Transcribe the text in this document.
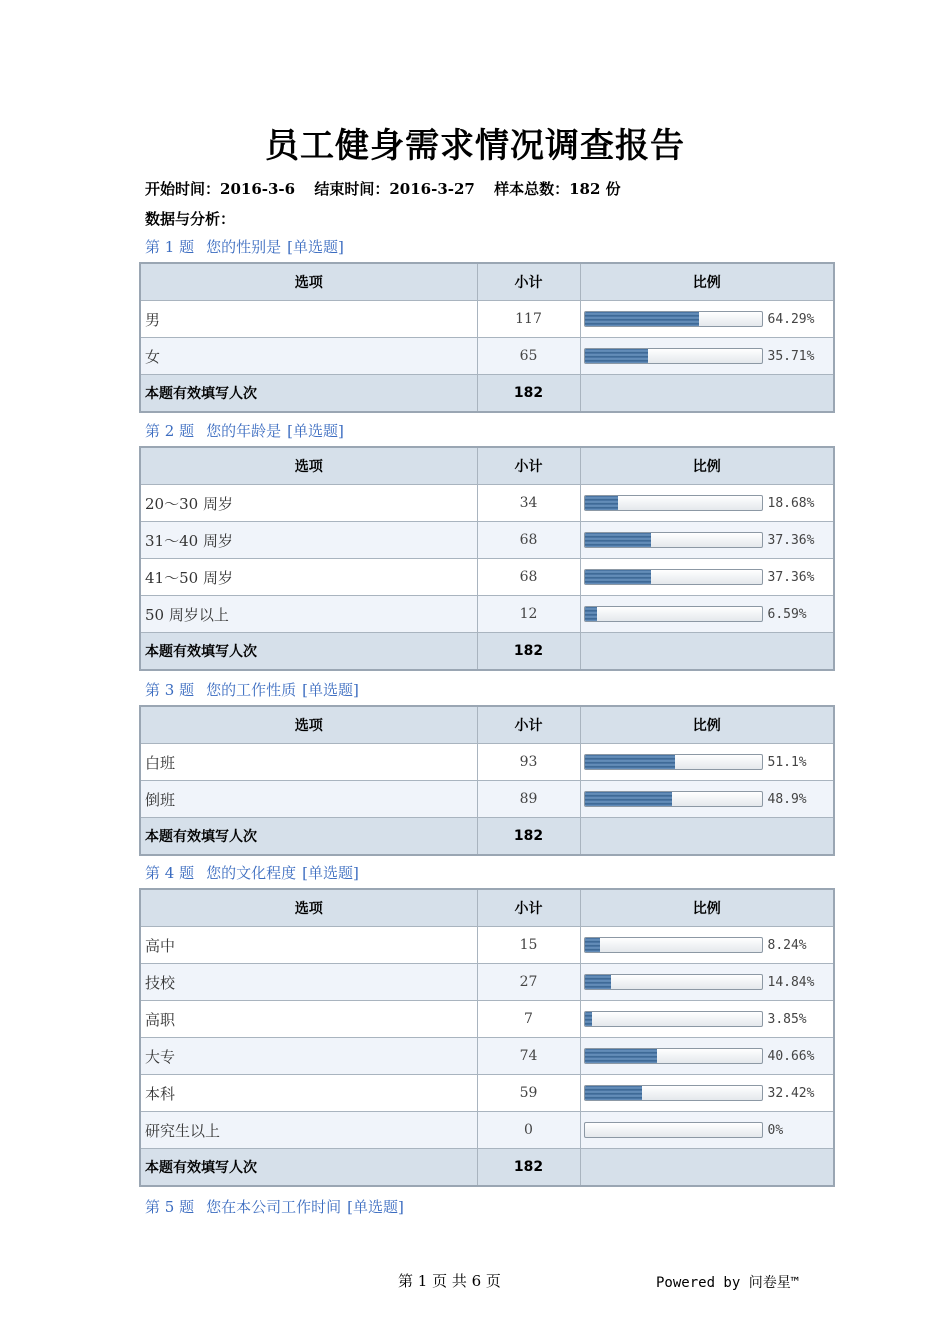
员工健身需求情况调查报告
开始时间：2016-3-6 结束时间：2016-3-27 样本总数：182 份
数据与分析：
第 1 题 您的性别是 [单选题]
选项	小计	比例
男	117	64.29%

女	65	35.71%

本题有效填写人次	182	
第 2 题 您的年龄是 [单选题]
选项	小计	比例
20～30 周岁	34	18.68%

31～40 周岁	68	37.36%

41～50 周岁	68	37.36%

50 周岁以上	12	6.59%

本题有效填写人次	182	
第 3 题 您的工作性质 [单选题]
选项	小计	比例
白班	93	51.1%

倒班	89	48.9%

本题有效填写人次	182	
第 4 题 您的文化程度 [单选题]
选项	小计	比例
高中	15	8.24%

技校	27	14.84%

高职	7	3.85%

大专	74	40.66%

本科	59	32.42%

研究生以上	0	0%

本题有效填写人次	182	
第 5 题 您在本公司工作时间 [单选题]
第 1 页 共 6 页	Powered by 问卷星™
